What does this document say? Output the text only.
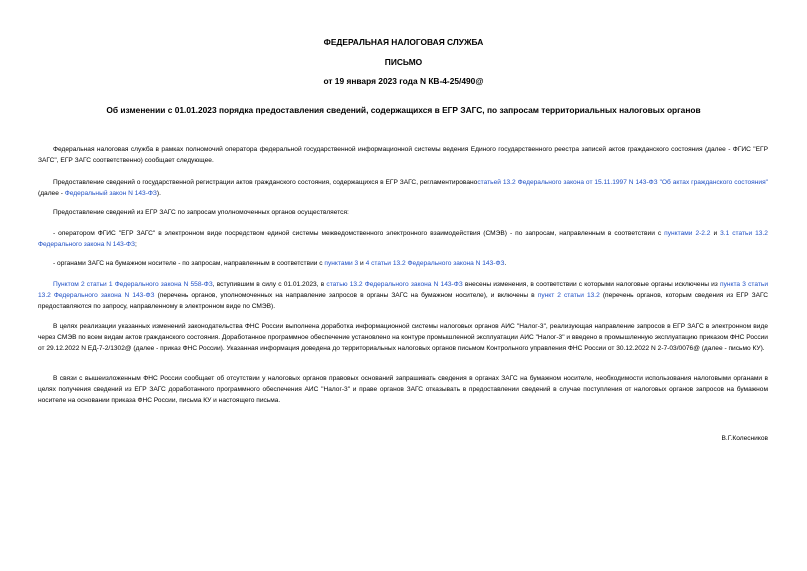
ФЕДЕРАЛЬНАЯ НАЛОГОВАЯ СЛУЖБА
ПИСЬМО
от 19 января 2023 года N КВ-4-25/490@
Об изменении с 01.01.2023 порядка предоставления сведений, содержащихся в ЕГР ЗАГС, по запросам территориальных налоговых органов

Федеральная налоговая служба в рамках полномочий оператора федеральной государственной информационной системы ведения Единого государственного реестра записей актов гражданского состояния (далее - ФГИС "ЕГР ЗАГС", ЕГР ЗАГС соответственно) сообщает следующее.

Предоставление сведений о государственной регистрации актов гражданского состояния, содержащихся в ЕГР ЗАГС, регламентированостатьей 13.2 Федерального закона от 15.11.1997 N 143-ФЗ "Об актах гражданского состояния" (далее - Федеральный закон N 143-ФЗ).

Предоставление сведений из ЕГР ЗАГС по запросам уполномоченных органов осуществляется:

- оператором ФГИС "ЕГР ЗАГС" в электронном виде посредством единой системы межведомственного электронного взаимодействия (СМЭВ) - по запросам, направленным в соответствии с пунктами 2-2.2 и 3.1 статьи 13.2 Федерального закона N 143-ФЗ;

- органами ЗАГС на бумажном носителе - по запросам, направленным в соответствии с пунктами 3 и 4 статьи 13.2 Федерального закона N 143-ФЗ.

Пунктом 2 статьи 1 Федерального закона N 558-ФЗ, вступившим в силу с 01.01.2023, в статью 13.2 Федерального закона N 143-ФЗ внесены изменения, в соответствии с которыми налоговые органы исключены из пункта 3 статьи 13.2 Федерального закона N 143-ФЗ (перечень органов, уполномоченных на направление запросов в органы ЗАГС на бумажном носителе), и включены в пункт 2 статьи 13.2 (перечень органов, которым сведения из ЕГР ЗАГС предоставляются по запросу, направленному в электронном виде по СМЭВ).

В целях реализации указанных изменений законодательства ФНС России выполнена доработка информационной системы налоговых органов АИС "Налог-3", реализующая направление запросов в ЕГР ЗАГС в электронном виде через СМЭВ по всем видам актов гражданского состояния. Доработанное программное обеспечение установлено на контуре промышленной эксплуатации АИС "Налог-3" и введено в промышленную эксплуатацию приказом ФНС России от 29.12.2022 N ЕД-7-2/1302@ (далее - приказ ФНС России). Указанная информация доведена до территориальных налоговых органов письмом Контрольного управления ФНС России от 30.12.2022 N 2-7-03/0076@ (далее - письмо КУ).

В связи с вышеизложенным ФНС России сообщает об отсутствии у налоговых органов правовых оснований запрашивать сведения в органах ЗАГС на бумажном носителе, необходимости использования налоговыми органами в целях получения сведений из ЕГР ЗАГС доработанного программного обеспечения АИС "Налог-3" и праве органов ЗАГС отказывать в предоставлении сведений в случае поступления от налоговых органов запросов на бумажном носителе на основании приказа ФНС России, письма КУ и настоящего письма.

В.Г.Колесников
